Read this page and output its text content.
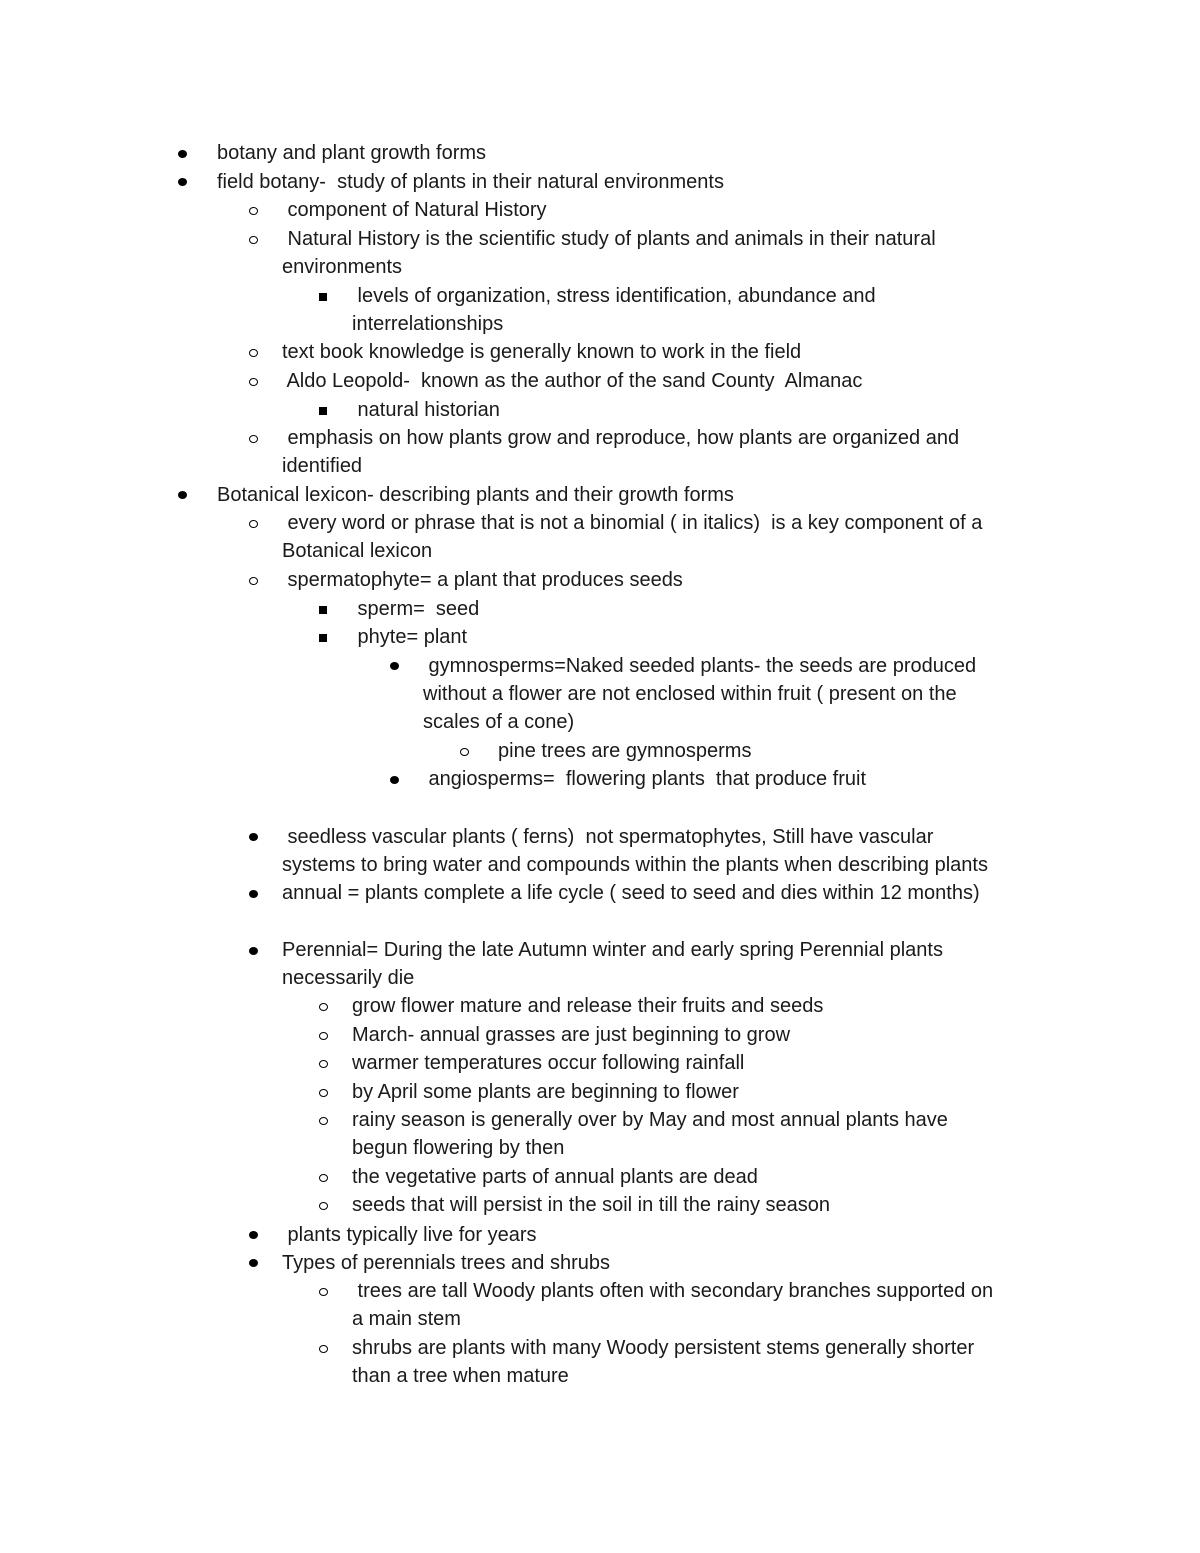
botany and plant growth forms

field botany-  study of plants in their natural environments

component of Natural History

Natural History is the scientific study of plants and animals in their natural

environments

levels of organization, stress identification, abundance and

interrelationships

text book knowledge is generally known to work in the field

Aldo Leopold-  known as the author of the sand County  Almanac

natural historian

emphasis on how plants grow and reproduce, how plants are organized and

identified

Botanical lexicon- describing plants and their growth forms

every word or phrase that is not a binomial ( in italics)  is a key component of a

Botanical lexicon

spermatophyte= a plant that produces seeds

sperm=  seed

phyte= plant

gymnosperms=Naked seeded plants- the seeds are produced

without a flower are not enclosed within fruit ( present on the

scales of a cone)

pine trees are gymnosperms

angiosperms=  flowering plants  that produce fruit

seedless vascular plants ( ferns)  not spermatophytes, Still have vascular

systems to bring water and compounds within the plants when describing plants

annual = plants complete a life cycle ( seed to seed and dies within 12 months)

Perennial= During the late Autumn winter and early spring Perennial plants

necessarily die

grow flower mature and release their fruits and seeds

March- annual grasses are just beginning to grow

warmer temperatures occur following rainfall

by April some plants are beginning to flower

rainy season is generally over by May and most annual plants have

begun flowering by then

the vegetative parts of annual plants are dead

seeds that will persist in the soil in till the rainy season

plants typically live for years

Types of perennials trees and shrubs

trees are tall Woody plants often with secondary branches supported on

a main stem

shrubs are plants with many Woody persistent stems generally shorter

than a tree when mature
